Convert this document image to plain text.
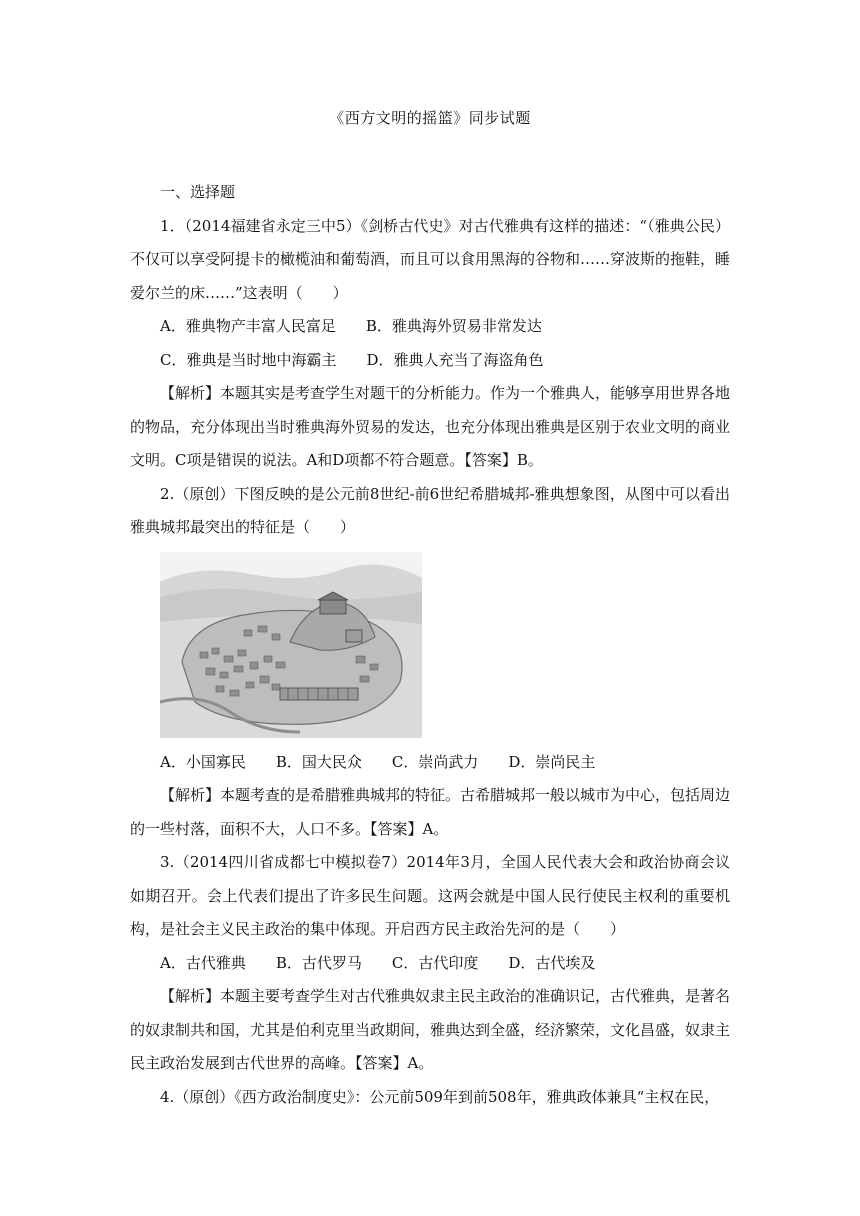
《西方文明的摇篮》同步试题

一、选择题

1．（2014福建省永定三中5）《剑桥古代史》对古代雅典有这样的描述：“（雅典公民）不仅可以享受阿提卡的橄榄油和葡萄酒，而且可以食用黑海的谷物和……穿波斯的拖鞋，睡爱尔兰的床……”这表明（　　）

A．雅典物产丰富人民富足　　B．雅典海外贸易非常发达

C．雅典是当时地中海霸主　　D．雅典人充当了海盗角色

【解析】本题其实是考查学生对题干的分析能力。作为一个雅典人，能够享用世界各地的物品，充分体现出当时雅典海外贸易的发达，也充分体现出雅典是区别于农业文明的商业文明。C项是错误的说法。A和D项都不符合题意。【答案】B。

2.（原创）下图反映的是公元前8世纪-前6世纪希腊城邦-雅典想象图，从图中可以看出雅典城邦最突出的特征是（　　）

A．小国寡民　　B．国大民众　　C．崇尚武力　　D．崇尚民主

【解析】本题考查的是希腊雅典城邦的特征。古希腊城邦一般以城市为中心，包括周边的一些村落，面积不大，人口不多。【答案】A。

3.（2014四川省成都七中模拟卷7）2014年3月，全国人民代表大会和政治协商会议如期召开。会上代表们提出了许多民生问题。这两会就是中国人民行使民主权利的重要机构，是社会主义民主政治的集中体现。开启西方民主政治先河的是（　　）

A．古代雅典　　B．古代罗马　　C．古代印度　　D．古代埃及

【解析】本题主要考查学生对古代雅典奴隶主民主政治的准确识记，古代雅典，是著名的奴隶制共和国，尤其是伯利克里当政期间，雅典达到全盛，经济繁荣，文化昌盛，奴隶主民主政治发展到古代世界的高峰。【答案】A。

4.（原创）《西方政治制度史》：公元前509年到前508年，雅典政体兼具“主权在民，
